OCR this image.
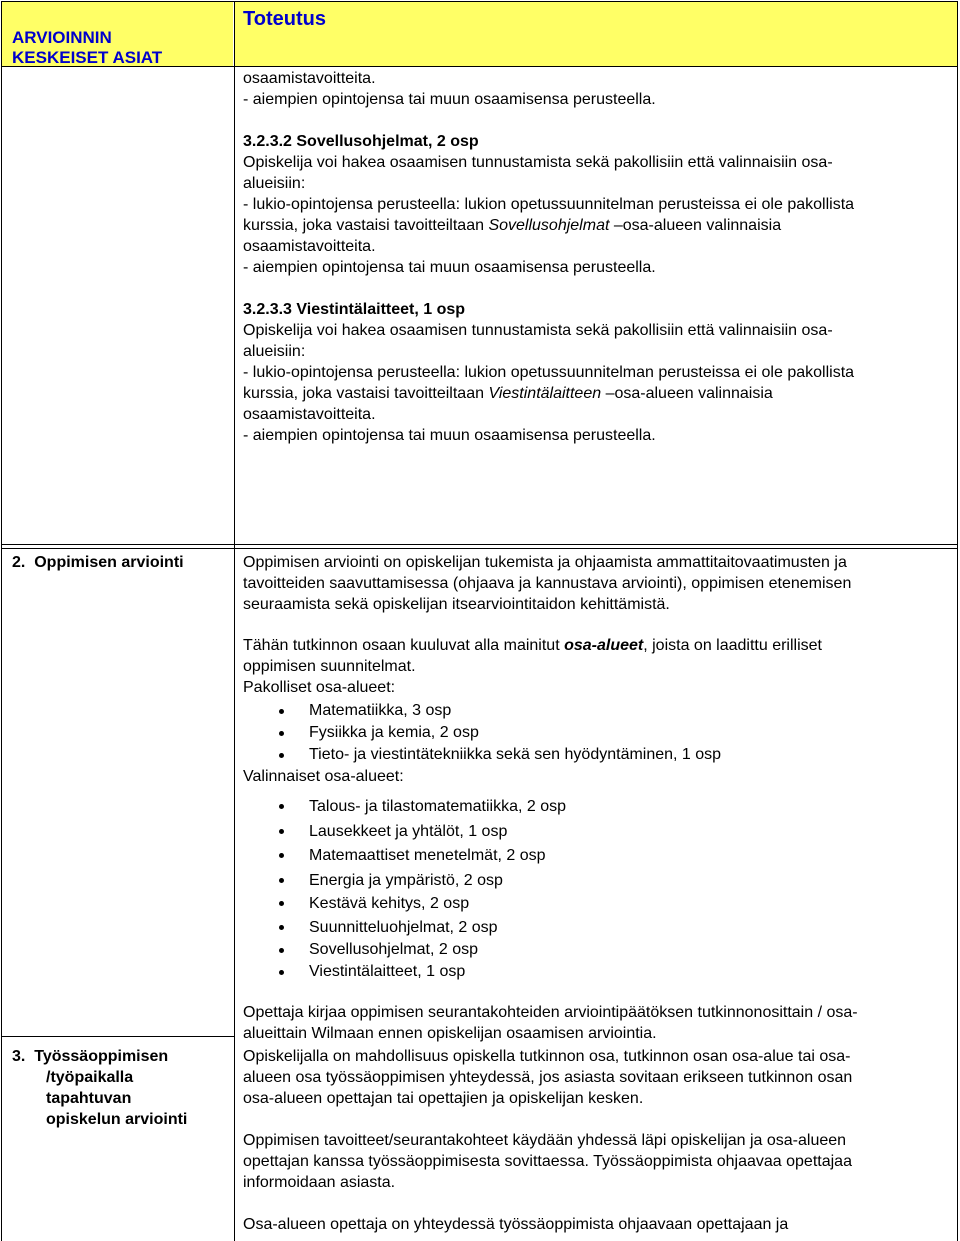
ARVIOINNIN
KESKEISET ASIAT
Toteutus

osaamistavoitteita.

- aiempien opintojensa tai muun osaamisensa perusteella.

3.2.3.2 Sovellusohjelmat, 2 osp

Opiskelija voi hakea osaamisen tunnustamista sekä pakollisiin että valinnaisiin osa-

alueisiin:

- lukio-opintojensa perusteella: lukion opetussuunnitelman perusteissa ei ole pakollista

kurssia, joka vastaisi tavoitteiltaan Sovellusohjelmat –osa-alueen valinnaisia

osaamistavoitteita.

- aiempien opintojensa tai muun osaamisensa perusteella.

3.2.3.3 Viestintälaitteet, 1 osp

Opiskelija voi hakea osaamisen tunnustamista sekä pakollisiin että valinnaisiin osa-

alueisiin:

- lukio-opintojensa perusteella: lukion opetussuunnitelman perusteissa ei ole pakollista

kurssia, joka vastaisi tavoitteiltaan Viestintälaitteen –osa-alueen valinnaisia

osaamistavoitteita.

- aiempien opintojensa tai muun osaamisensa perusteella.

2. Oppimisen arviointi	Oppimisen arviointi on opiskelijan tukemista ja ohjaamista ammattitaitovaatimusten ja

tavoitteiden saavuttamisessa (ohjaava ja kannustava arviointi), oppimisen etenemisen

seuraamista sekä opiskelijan itsearviointitaidon kehittämistä.

Tähän tutkinnon osaan kuuluvat alla mainitut osa-alueet, joista on laadittu erilliset

oppimisen suunnitelmat.

Pakolliset osa-alueet:

Matematiikka, 3 osp
Fysiikka ja kemia, 2 osp
Tieto- ja viestintätekniikka sekä sen hyödyntäminen, 1 osp

Valinnaiset osa-alueet:

Talous- ja tilastomatematiikka, 2 osp
Lausekkeet ja yhtälöt, 1 osp
Matemaattiset menetelmät, 2 osp
Energia ja ympäristö, 2 osp
Kestävä kehitys, 2 osp
Suunnitteluohjelmat, 2 osp
Sovellusohjelmat, 2 osp
Viestintälaitteet, 1 osp

Opettaja kirjaa oppimisen seurantakohteiden arviointipäätöksen tutkinnonosittain / osa-

alueittain Wilmaan ennen opiskelijan osaamisen arviointia.

3. Työssäoppimisen
/työpaikalla
tapahtuvan
opiskelun arviointi

Opiskelijalla on mahdollisuus opiskella tutkinnon osa, tutkinnon osan osa-alue tai osa-

alueen osa työssäoppimisen yhteydessä, jos asiasta sovitaan erikseen tutkinnon osan

osa-alueen opettajan tai opettajien ja opiskelijan kesken.

Oppimisen tavoitteet/seurantakohteet käydään yhdessä läpi opiskelijan ja osa-alueen

opettajan kanssa työssäoppimisesta sovittaessa. Työssäoppimista ohjaavaa opettajaa

informoidaan asiasta.

Osa-alueen opettaja on yhteydessä työssäoppimista ohjaavaan opettajaan ja
